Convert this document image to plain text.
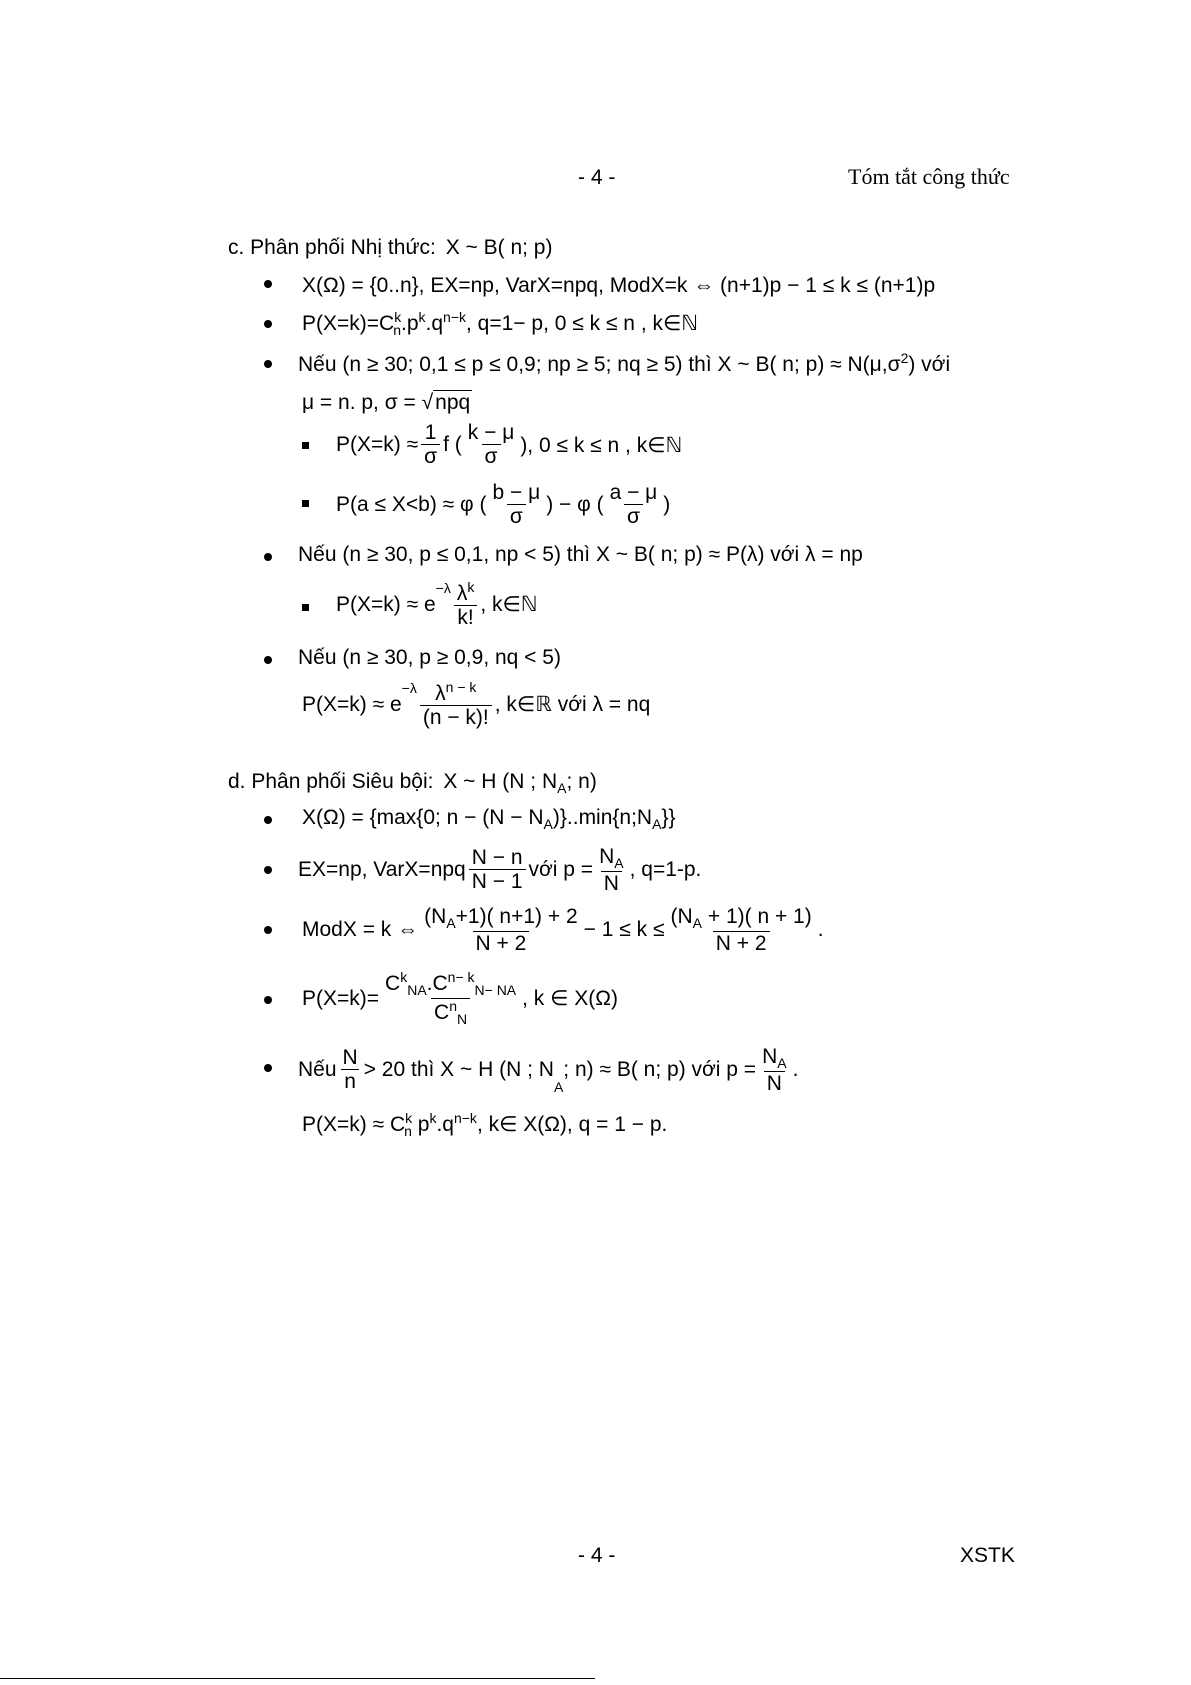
- 4 -	Tóm tắt công thức
c. Phân phối Nhị thức: X ~ B( n; p)
X(Ω) = {0..n}, EX=np, VarX=npq, ModX=k ⇔ (n+1)p − 1 ≤ k ≤ (n+1)p
$P(X=k)=C^k_n.p^k.q^{n-k}$, q=1− p, 0 ≤ k ≤ n , k∈ℕ
Nếu (n ≥ 30; 0,1 ≤ p ≤ 0,9; np ≥ 5; nq ≥ 5) thì X ~ B( n; $p) \approx N(\mu,\sigma^2)$ với
μ = n. p, σ = √ npq
$P(X=k) \approx \frac{1}{\sigma}$ f ( $\frac{k - \mu}{\sigma}$ ), 0 ≤ k ≤ n , k∈ℕ
P(a ≤ X<b) ≈ φ ( $\frac{b - \mu}{\sigma}$ ) − φ ( $\frac{a - \mu}{\sigma}$ )
Nếu (n ≥ 30, p ≤ 0,1, np < 5) thì X ~ B( n; p) ≈ P(λ) với λ = np
P(X=k) ≈ e
$^{-\lambda} \frac{\lambda^k}{k!}$ , k∈ℕ
Nếu (n ≥ 30, p ≥ 0,9, nq < 5)
P(X=k) ≈ e
$^{-\lambda} \frac{\lambda^{n - k}}{(n - k)!}$ , k∈ℝ với λ = nq
d. Phân phối Siêu bội: X ~ H (N ; $N_A$; n)
X(Ω) = {max{0; $n - (N - N_A)\}..\min\{n;N_A\}$}
EX=np, VarX=npq $\frac{N - n}{N - 1}$ với $p = \frac{N_A}{N}$ , q=1-p.
ModX = k ⇔ $\frac{(N_A+1)( n+1) + 2}{N + 2} - 1 \le k \le \frac{(N_A + 1)( n + 1)}{N + 2}$ .
$P(X=k)= \frac{C^k_{NA}.C^{n- k}_{N- NA}}{C^n_N}$ , k ∈ X(Ω)
Nếu $\frac{N}{n} > 20$ thì X ~ H (N ; N
$_A$
; n) ≈ B( n; p) với $p = \frac{N_A}{N}$ .
$P(X=k) \approx C^k_n$ $p^k.q^{n-k}$, k∈ X(Ω), q = 1 − p.
- 4 -	XSTK
